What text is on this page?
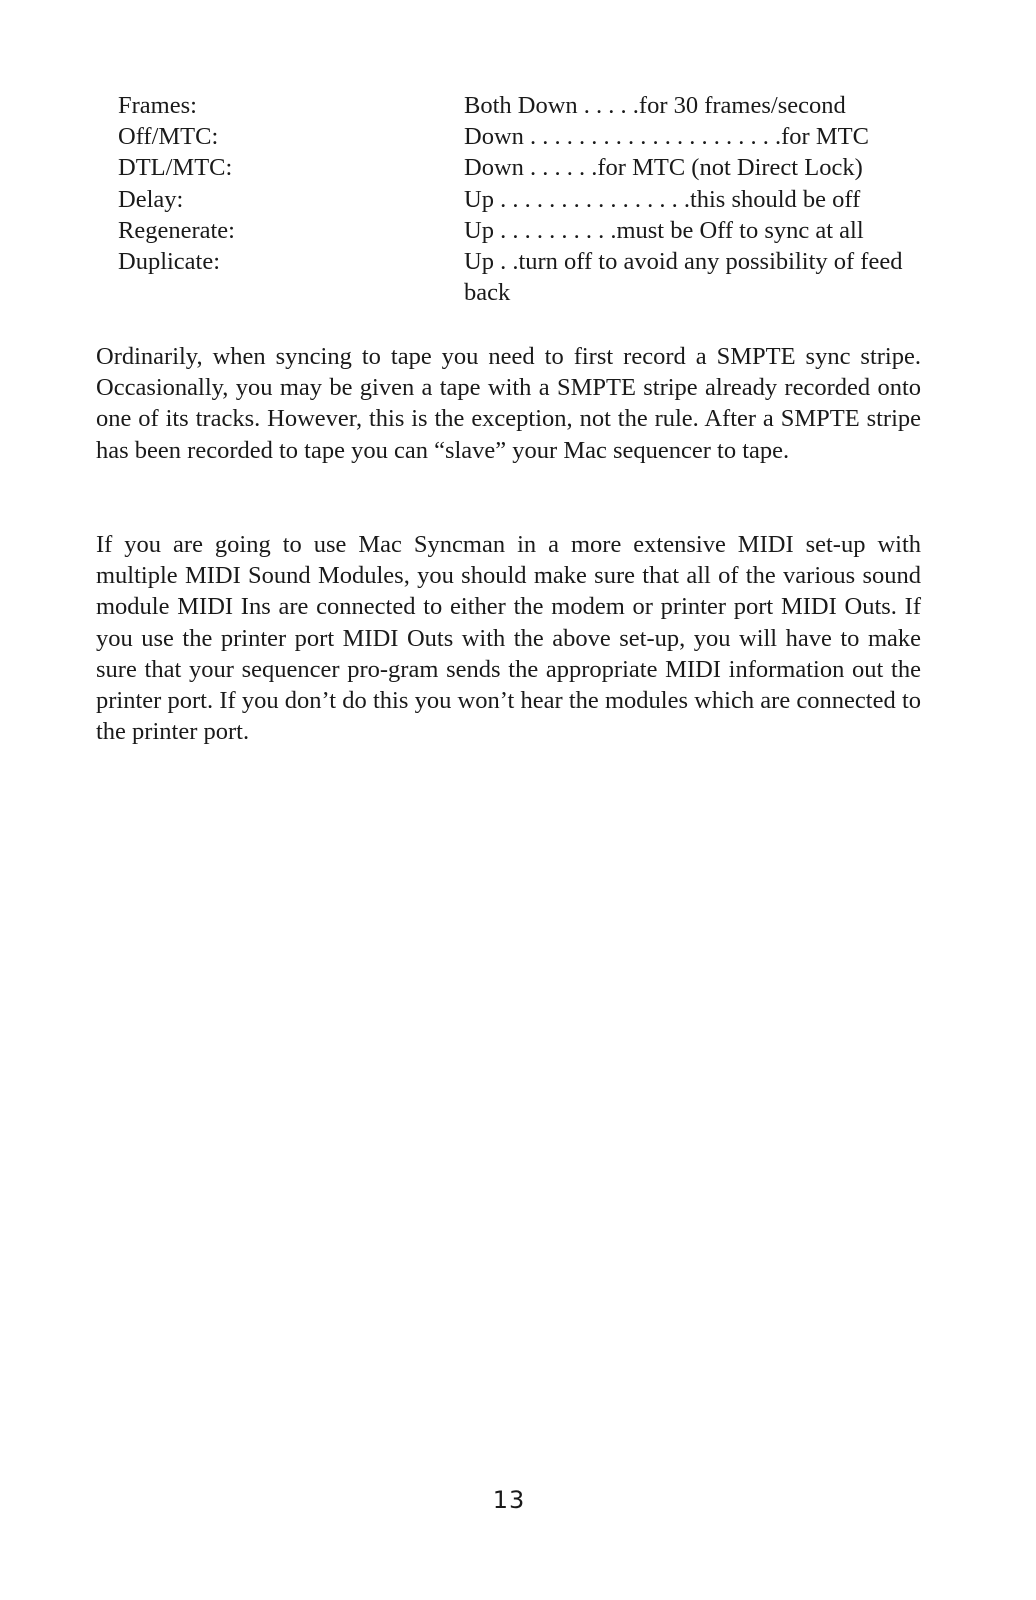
Frames:	Both Down . . . . .for 30 frames/second
Off/MTC:	Down . . . . . . . . . . . . . . . . . . . . .for MTC
DTL/MTC:	Down . . . . . .for MTC (not Direct Lock)
Delay:	Up . . . . . . . . . . . . . . . .this should be off
Regenerate:	Up . . . . . . . . . .must be Off to sync at all
Duplicate:	Up . .turn off to avoid any possibility of feed back

Ordinarily, when syncing to tape you need to first record a SMPTE sync stripe. Occasionally, you may be given a tape with a SMPTE stripe already recorded onto one of its tracks. However, this is the exception, not the rule. After a SMPTE stripe has been recorded to tape you can “slave” your Mac sequencer to tape.

If you are going to use Mac Syncman in a more extensive MIDI set-up with multiple MIDI Sound Modules, you should make sure that all of the various sound module MIDI Ins are connected to either the modem or printer port MIDI Outs. If you use the printer port MIDI Outs with the above set-up, you will have to make sure that your sequencer pro-gram sends the appropriate MIDI information out the printer port. If you don’t do this you won’t hear the modules which are connected to the printer port.

13
